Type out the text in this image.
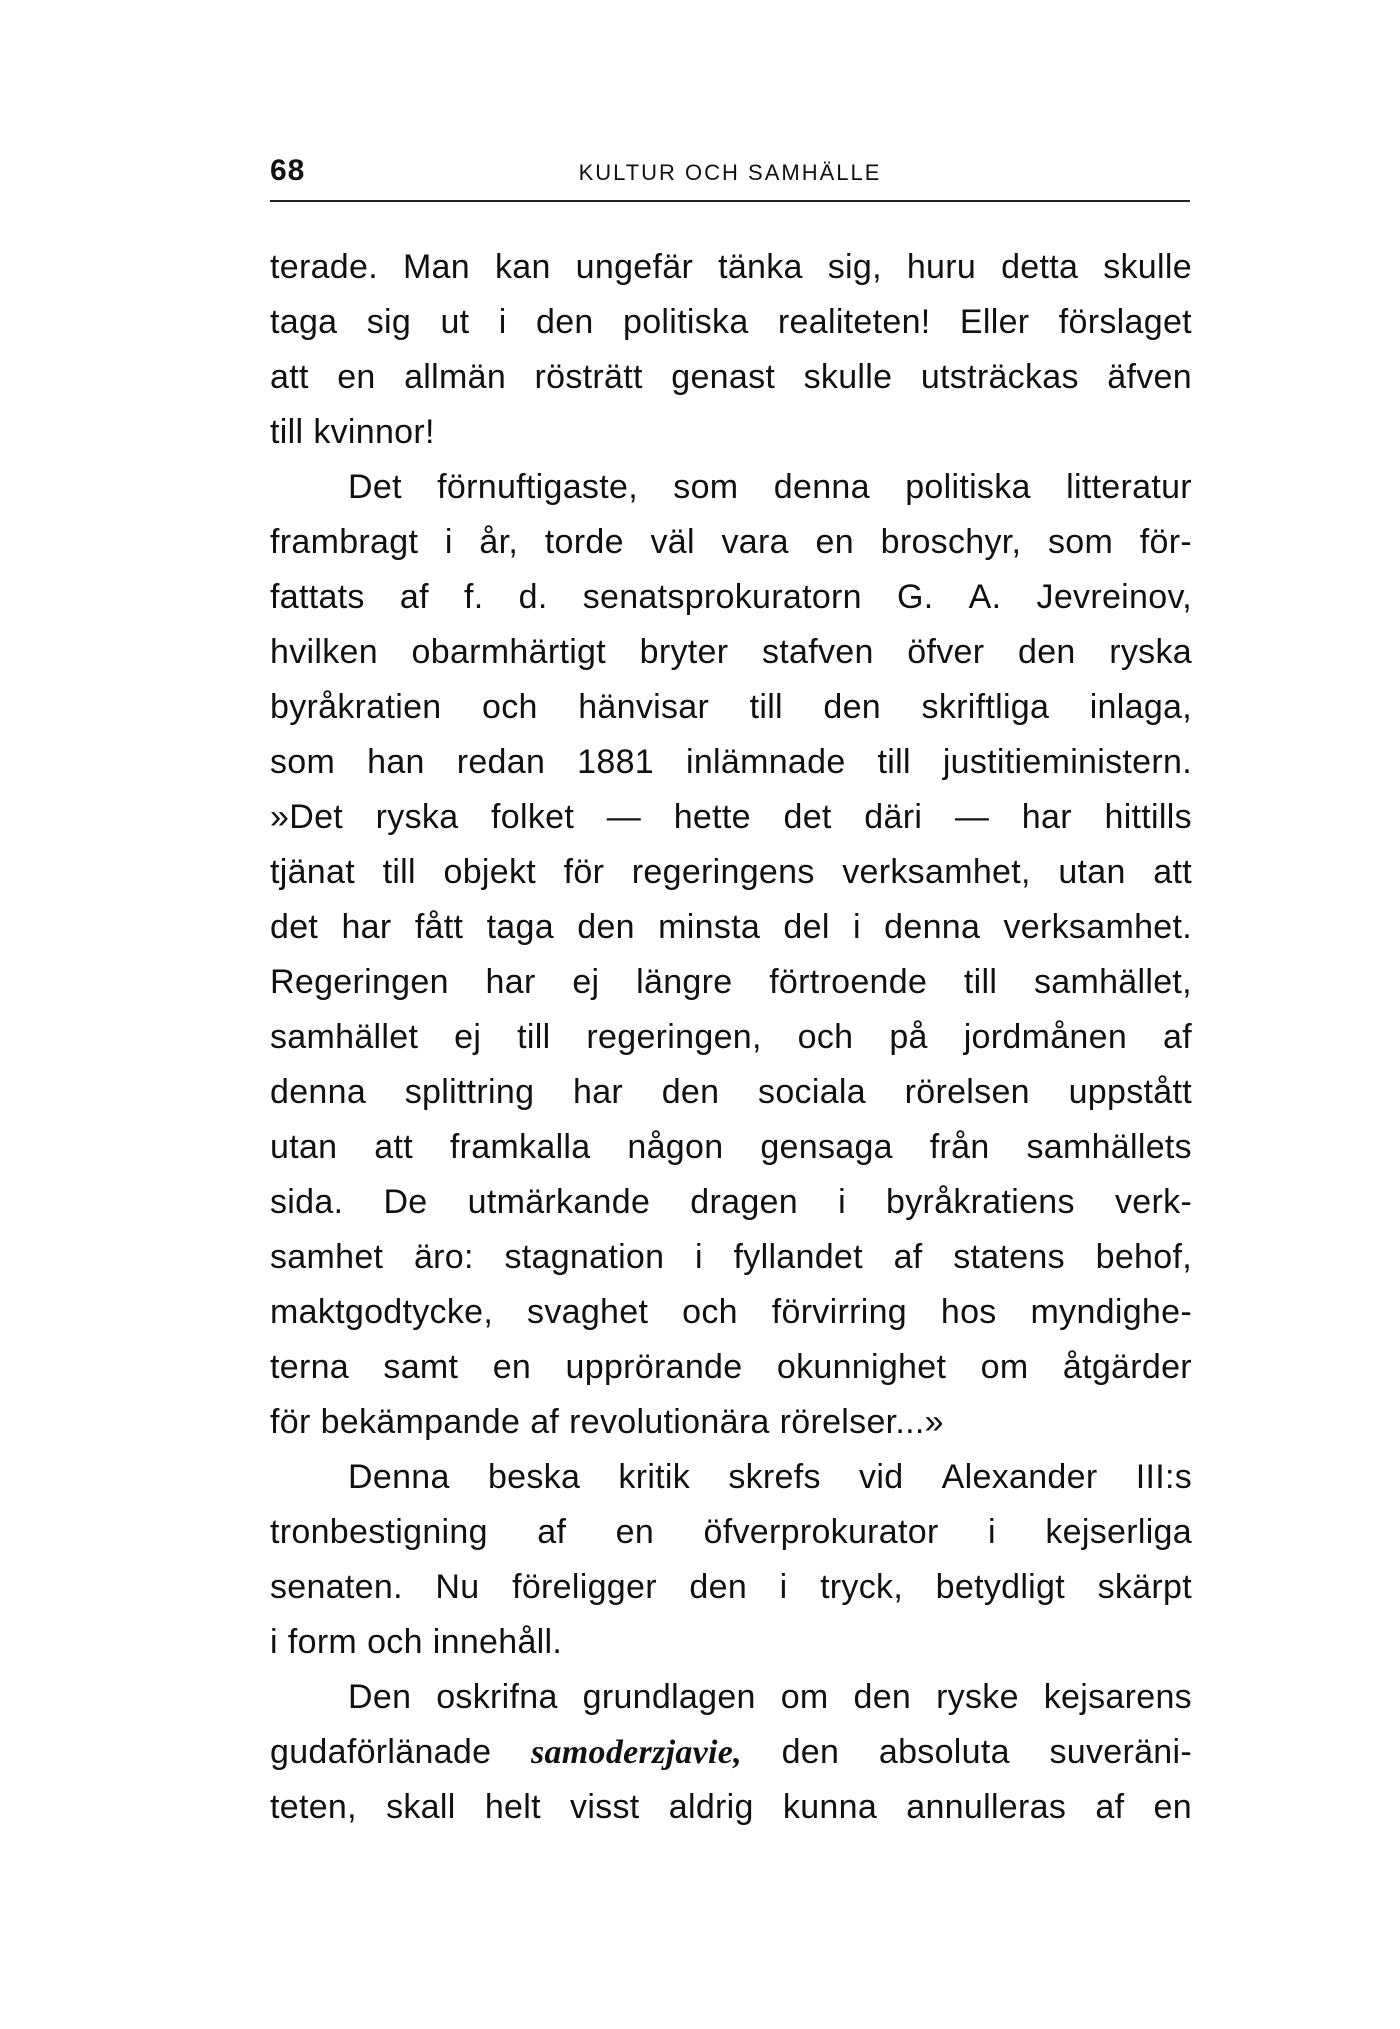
68	KULTUR OCH SAMHÄLLE
terade. Man kan ungefär tänka sig, huru detta skulle
taga sig ut i den politiska realiteten! Eller förslaget
att en allmän rösträtt genast skulle utsträckas äfven
till kvinnor!
Det förnuftigaste, som denna politiska litteratur
frambragt i år, torde väl vara en broschyr, som för-
fattats af f. d. senatsprokuratorn G. A. Jevreinov,
hvilken obarmhärtigt bryter stafven öfver den ryska
byråkratien och hänvisar till den skriftliga inlaga,
som han redan 1881 inlämnade till justitieministern.
»Det ryska folket — hette det däri — har hittills
tjänat till objekt för regeringens verksamhet, utan att
det har fått taga den minsta del i denna verksamhet.
Regeringen har ej längre förtroende till samhället,
samhället ej till regeringen, och på jordmånen af
denna splittring har den sociala rörelsen uppstått
utan att framkalla någon gensaga från samhällets
sida. De utmärkande dragen i byråkratiens verk-
samhet äro: stagnation i fyllandet af statens behof,
maktgodtycke, svaghet och förvirring hos myndighe-
terna samt en upprörande okunnighet om åtgärder
för bekämpande af revolutionära rörelser...»
Denna beska kritik skrefs vid Alexander III:s
tronbestigning af en öfverprokurator i kejserliga
senaten. Nu föreligger den i tryck, betydligt skärpt
i form och innehåll.
Den oskrifna grundlagen om den ryske kejsarens
gudaförlänade samoderzjavie, den absoluta suveräni-
teten, skall helt visst aldrig kunna annulleras af en
